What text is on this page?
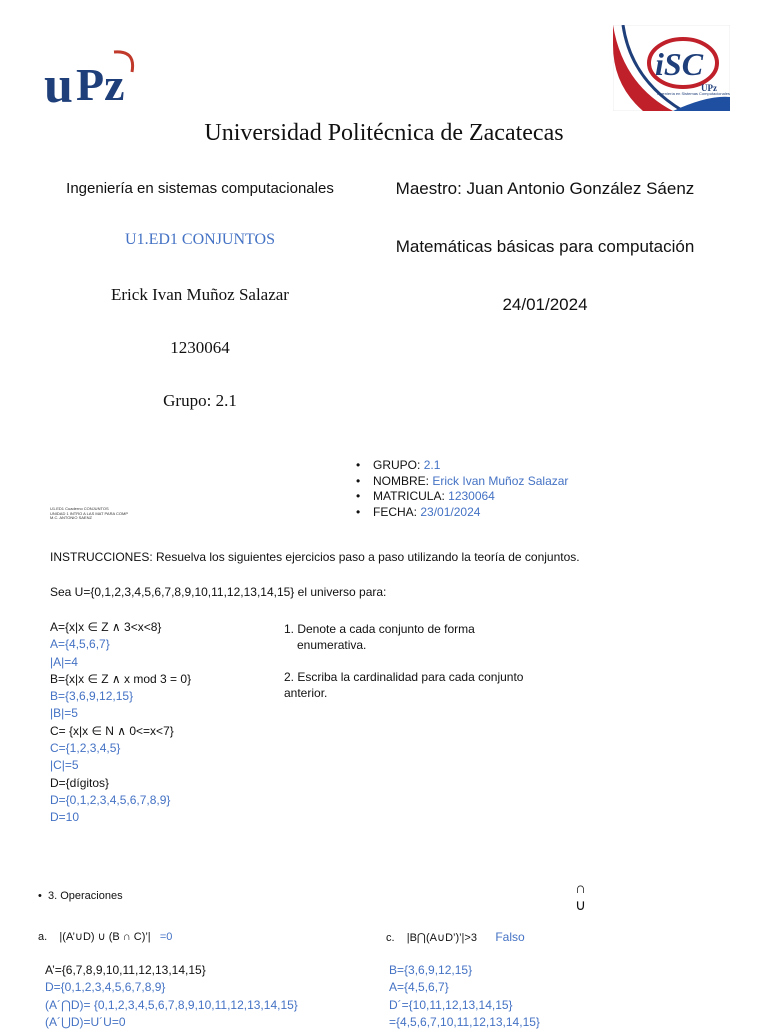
u Pz	iSC
Ingeniería en Sistemas Computacionales
UPz
Universidad Politécnica de Zacatecas
Ingeniería en sistemas computacionales	Maestro: Juan Antonio González Sáenz
U1.ED1 CONJUNTOS	Matemáticas básicas para computación
Erick Ivan Muñoz Salazar
24/01/2024
1230064
Grupo: 2.1
• GRUPO: 2.1
• NOMBRE: Erick Ivan Muñoz Salazar
• MATRICULA: 1230064
• FECHA: 23/01/2024
U1.ED1 Cuaderno CONJUNTOS
UNIDAD 1 INTRO A LAS MAT PARA COMP
M.C. ANTONIO SAENZ
INSTRUCCIONES: Resuelva los siguientes ejercicios paso a paso utilizando la teoría de conjuntos.
Sea U={0,1,2,3,4,5,6,7,8,9,10,11,12,13,14,15} el universo para:
A={x|x ∈ Z ∧ 3<x<8}
A={4,5,6,7}
|A|=4
B={x|x ∈ Z ∧ x mod 3 = 0}
B={3,6,9,12,15}
|B|=5
C= {x|x ∈ N ∧ 0<=x<7}
C={1,2,3,4,5}
|C|=5
D={dígitos}
D={0,1,2,3,4,5,6,7,8,9}
D=10
1. Denote a cada conjunto de forma
enumerativa.
2. Escriba la cardinalidad para cada conjunto
anterior.
• 3. Operaciones	∩
∪
a. |(A’∪D) ∪ (B ∩ C)’| =0
A’={6,7,8,9,10,11,12,13,14,15}
D={0,1,2,3,4,5,6,7,8,9}
(A´⋂D)= {0,1,2,3,4,5,6,7,8,9,10,11,12,13,14,15}
(A´⋃D)=U´U=0
c. |B⋂(A∪D’)’|>3 Falso
B={3,6,9,12,15}
A={4,5,6,7}
D´={10,11,12,13,14,15}
={4,5,6,7,10,11,12,13,14,15}
